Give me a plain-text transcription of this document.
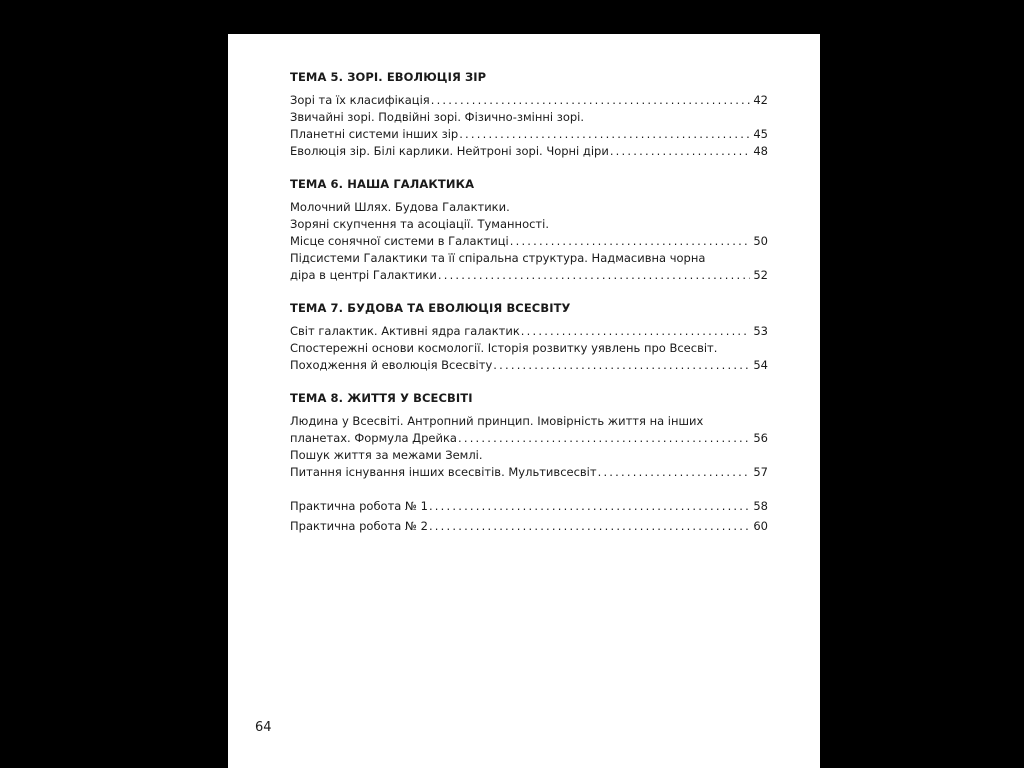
ТЕМА 5. ЗОРІ. ЕВОЛЮЦІЯ ЗІР
Зорі та їх класифікація .....	42
Звичайні зорі. Подвійні зорі. Фізично-змінні зорі.
Планетні системи інших зір .....	45
Еволюція зір. Білі карлики. Нейтроні зорі. Чорні діри .....	48
ТЕМА 6. НАША ГАЛАКТИКА
Молочний Шлях. Будова Галактики.
Зоряні скупчення та асоціації. Туманності.
Місце сонячної системи в Галактиці .....	50
Підсистеми Галактики та її спіральна структура. Надмасивна чорна
діра в центрі Галактики .....	52
ТЕМА 7. БУДОВА ТА ЕВОЛЮЦІЯ ВСЕСВІТУ
Світ галактик. Активні ядра галактик .....	53
Спостережні основи космології. Історія розвитку уявлень про Всесвіт.
Походження й еволюція Всесвіту .....	54
ТЕМА 8. ЖИТТЯ У ВСЕСВІТІ
Людина у Всесвіті. Антропний принцип. Імовірність життя на інших
планетах. Формула Дрейка .....	56
Пошук життя за межами Землі.
Питання існування інших всесвітів. Мультивсесвіт .....	57
Практична робота № 1 .....	58
Практична робота № 2 .....	60
64
